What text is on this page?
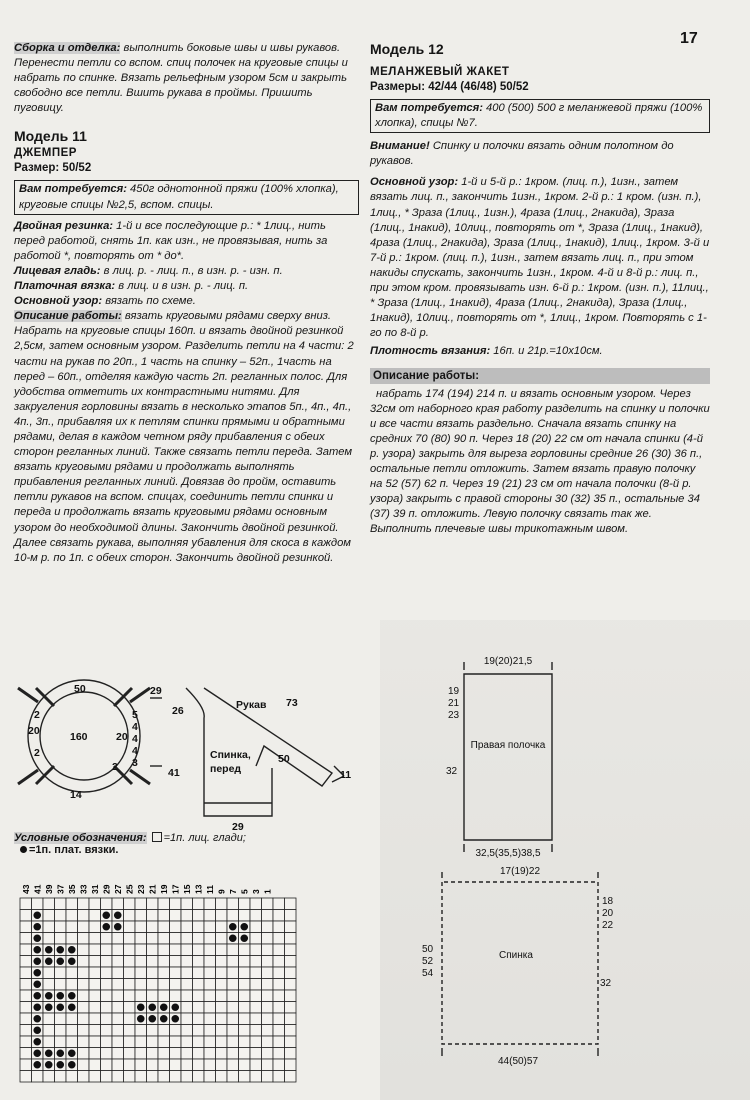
17

Сборка и отделка: выполнить боковые швы и швы рукавов. Перенести петли со вспом. спиц полочек на круговые спицы и набрать по спинке. Вязать рельефным узором 5см и закрыть свободно все петли. Вшить рукава в проймы. Пришить пуговицу.

Модель 11
ДЖЕМПЕР
Размер: 50/52

Вам потребуется: 450г однотонной пряжи (100% хлопка), круговые спицы №2,5, вспом. спицы.

Двойная резинка: 1-й и все последующие р.: * 1лиц., нить перед работой, снять 1п. как изн., не провязывая, нить за работой *, повторять от * до*.

Лицевая гладь: в лиц. р. - лиц. п., в изн. р. - изн. п.

Платочная вязка: в лиц. и в изн. р. - лиц. п.

Основной узор: вязать по схеме.

Описание работы: вязать круговыми рядами сверху вниз. Набрать на круговые спицы 160п. и вязать двойной резинкой 2,5см, затем основным узором. Разделить петли на 4 части: 2 части на рукав по 20п., 1 часть на спинку – 52п., 1часть на перед – 60п., отделяя каждую часть 2п. регланных полос. Для удобства отметить их контрастными нитями. Для закругления горловины вязать в несколько этапов 5п., 4п., 4п., 4п., 3п., прибавляя их к петлям спинки прямыми и обратными рядами, делая в каждом четном ряду прибавления с обеих сторон регланных линий. Также связать петли переда. Затем вязать круговыми рядами и продолжать выполнять прибавления регланных линий. Довязав до пройм, оставить петли рукавов на вспом. спицах, соединить петли спинки и переда и продолжать вязать круговыми рядами основным узором до необходимой длины. Закончить двойной резинкой. Далее связать рукава, выполняя убавления для скоса в каждом 10-м р. по 1п. с обеих сторон. Закончить двойной резинкой.

Модель 12
МЕЛАНЖЕВЫЙ ЖАКЕТ
Размеры: 42/44 (46/48) 50/52

Вам потребуется: 400 (500) 500 г меланжевой пряжи (100% хлопка), спицы №7.

Внимание! Спинку и полочки вязать одним полотном до рукавов.

Основной узор: 1-й и 5-й р.: 1кром. (лиц. п.), 1изн., затем вязать лиц. п., закончить 1изн., 1кром. 2-й р.: 1 кром. (изн. п.), 1лиц., * Зраза (1лиц., 1изн.), 4раза (1лиц., 2накида), Зраза (1лиц., 1накид), 10лиц., повторять от *, Зраза (1лиц., 1накид), 4раза (1лиц., 2накида), Зраза (1лиц., 1накид), 1лиц., 1кром. 3-й и 7-й р.: 1кром. (лиц. п.), 1изн., затем вязать лиц. п., при этом накиды спускать, закончить 1изн., 1кром. 4-й и 8-й р.: лиц. п., при этом кром. провязывать изн. 6-й р.: 1кром. (изн. п.), 11лиц., * Зраза (1лиц., 1накид), 4раза (1лиц., 2накида), Зраза (1лиц., 1накид), 10лиц., повторять от *, 1лиц., 1кром. Повторять с 1-го по 8-й р.

Плотность вязания: 16п. и 21р.=10х10см.

Описание работы:

набрать 174 (194) 214 п. и вязать основным узором. Через 32см от наборного края работу разделить на спинку и полочки и все части вязать раздельно. Сначала вязать спинку на средних 70 (80) 90 п. Через 18 (20) 22 см от начала спинки (4-й р. узора) закрыть для выреза горловины средние 26 (30) 36 п., остальные петли отложить. Затем вязать правую полочку на 52 (57) 62 п. Через 19 (21) 23 см от начала полочки (8-й р. узора) закрыть с правой стороны 30 (32) 35 п., остальные 34 (37) 39 п. отложить. Левую полочку связать так же. Выполнить плечевые швы трикотажным швом.

50
160
20	20
14
2
2
2
5
4
4
4
3
29
26	Рукав 73
Спинка,
перед
41
50
11
29
Условные обозначения: =1п. лиц. глади;
=1п. плат. вязки.
43 41 39 37 35 33 31 29 27 25 23 21 19 17 15 13 11 9 7 5 3 1
19(20)21,5
19
21
23
Правая полочка
32
32,5(35,5)38,5
17(19)22
18
20
22
50
52
54
Спинка
32
44(50)57
